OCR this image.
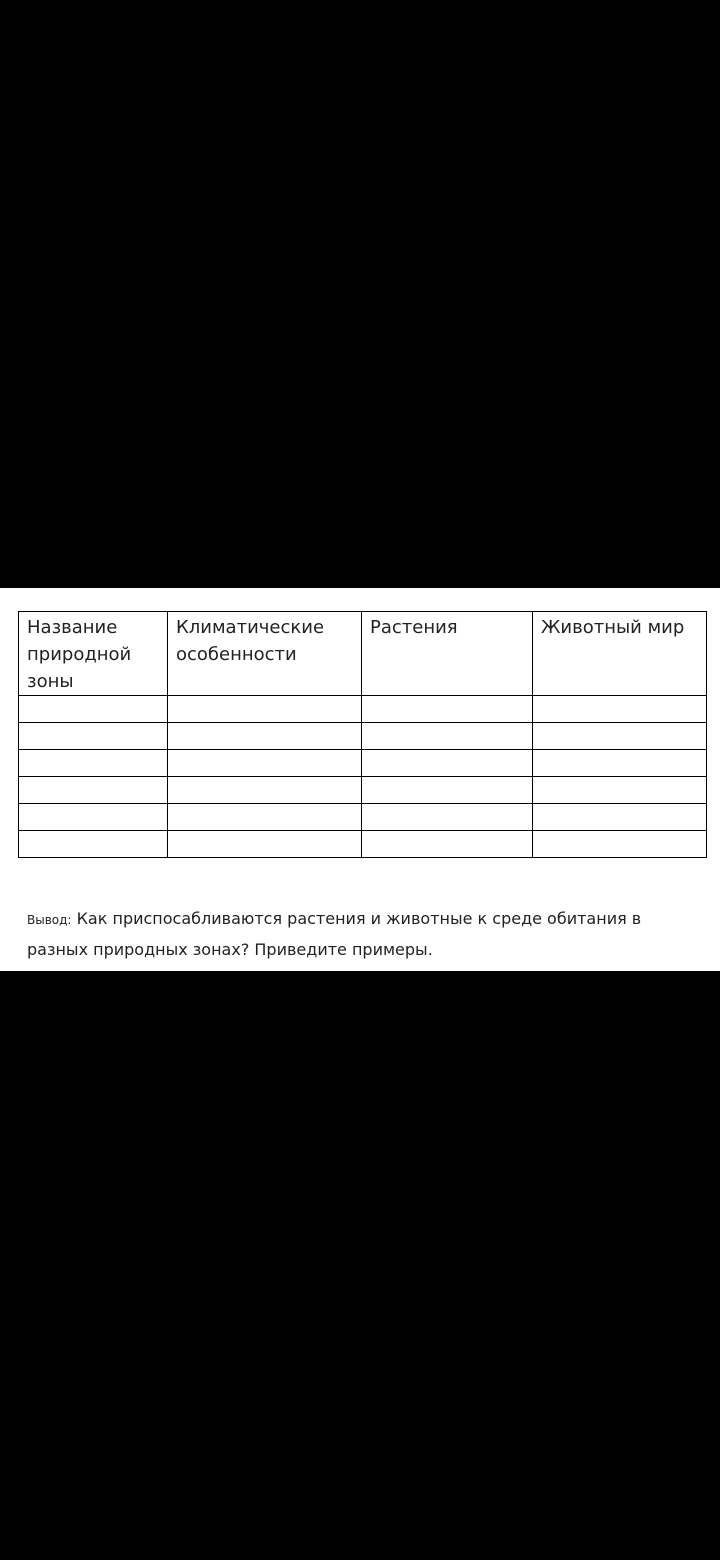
Название природной зоны	Климатические особенности	Растения	Животный мир

Вывод: Как приспосабливаются растения и животные к среде обитания в разных природных зонах? Приведите примеры.
